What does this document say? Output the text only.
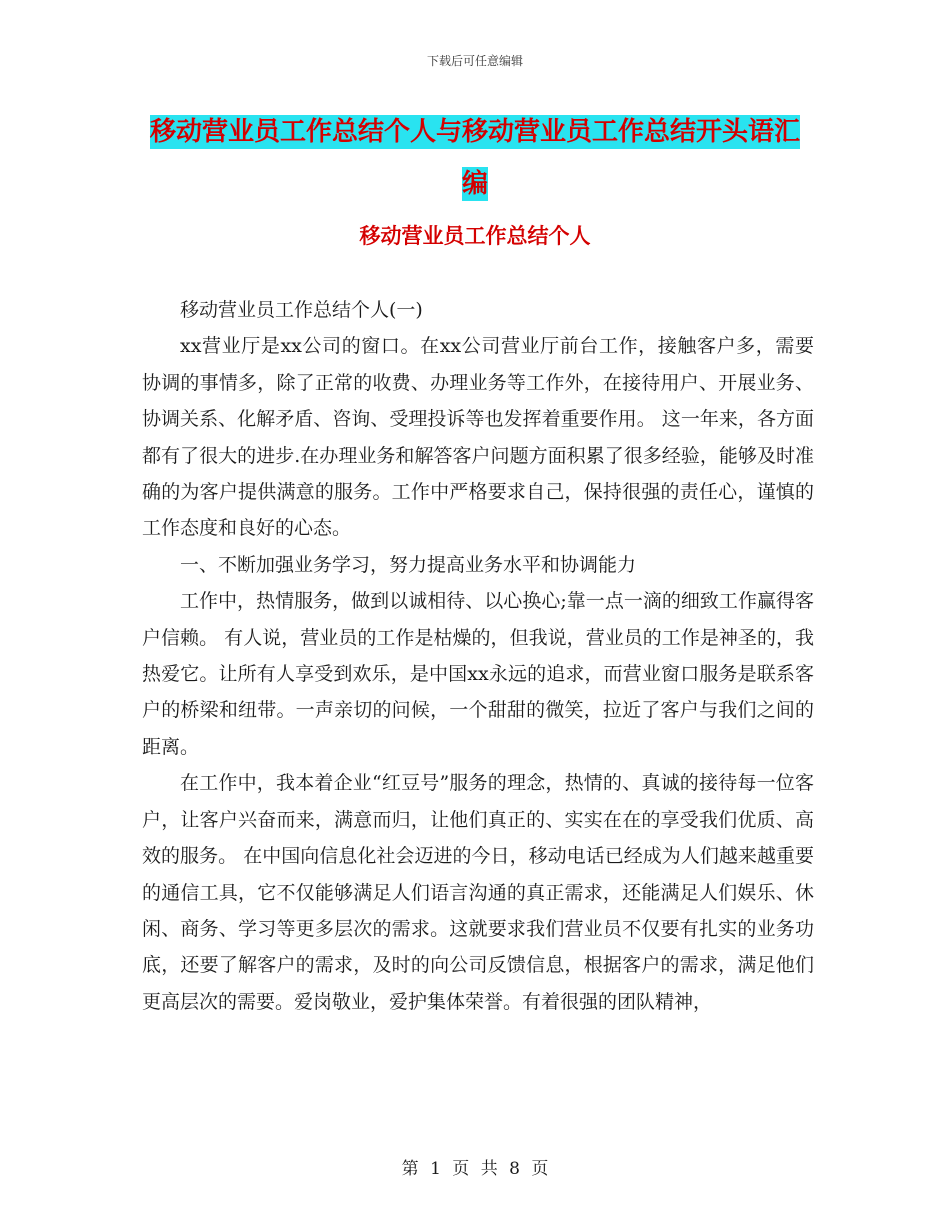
下载后可任意编辑
移动营业员工作总结个人与移动营业员工作总结开头语汇编
移动营业员工作总结个人

移动营业员工作总结个人(一)

xx营业厅是xx公司的窗口。在xx公司营业厅前台工作，接触客户多，需要协调的事情多，除了正常的收费、办理业务等工作外，在接待用户、开展业务、协调关系、化解矛盾、咨询、受理投诉等也发挥着重要作用。 这一年来，各方面都有了很大的进步.在办理业务和解答客户问题方面积累了很多经验，能够及时准确的为客户提供满意的服务。工作中严格要求自己，保持很强的责任心，谨慎的工作态度和良好的心态。

一、不断加强业务学习，努力提高业务水平和协调能力

工作中，热情服务，做到以诚相待、以心换心;靠一点一滴的细致工作赢得客户信赖。 有人说，营业员的工作是枯燥的，但我说，营业员的工作是神圣的，我热爱它。让所有人享受到欢乐，是中国xx永远的追求，而营业窗口服务是联系客户的桥梁和纽带。一声亲切的问候，一个甜甜的微笑，拉近了客户与我们之间的距离。

在工作中，我本着企业“红豆号”服务的理念，热情的、真诚的接待每一位客户，让客户兴奋而来，满意而归，让他们真正的、实实在在的享受我们优质、高效的服务。 在中国向信息化社会迈进的今日，移动电话已经成为人们越来越重要的通信工具，它不仅能够满足人们语言沟通的真正需求，还能满足人们娱乐、休闲、商务、学习等更多层次的需求。这就要求我们营业员不仅要有扎实的业务功底，还要了解客户的需求，及时的向公司反馈信息，根据客户的需求，满足他们更高层次的需要。爱岗敬业，爱护集体荣誉。有着很强的团队精神，

第 1 页 共 8 页
